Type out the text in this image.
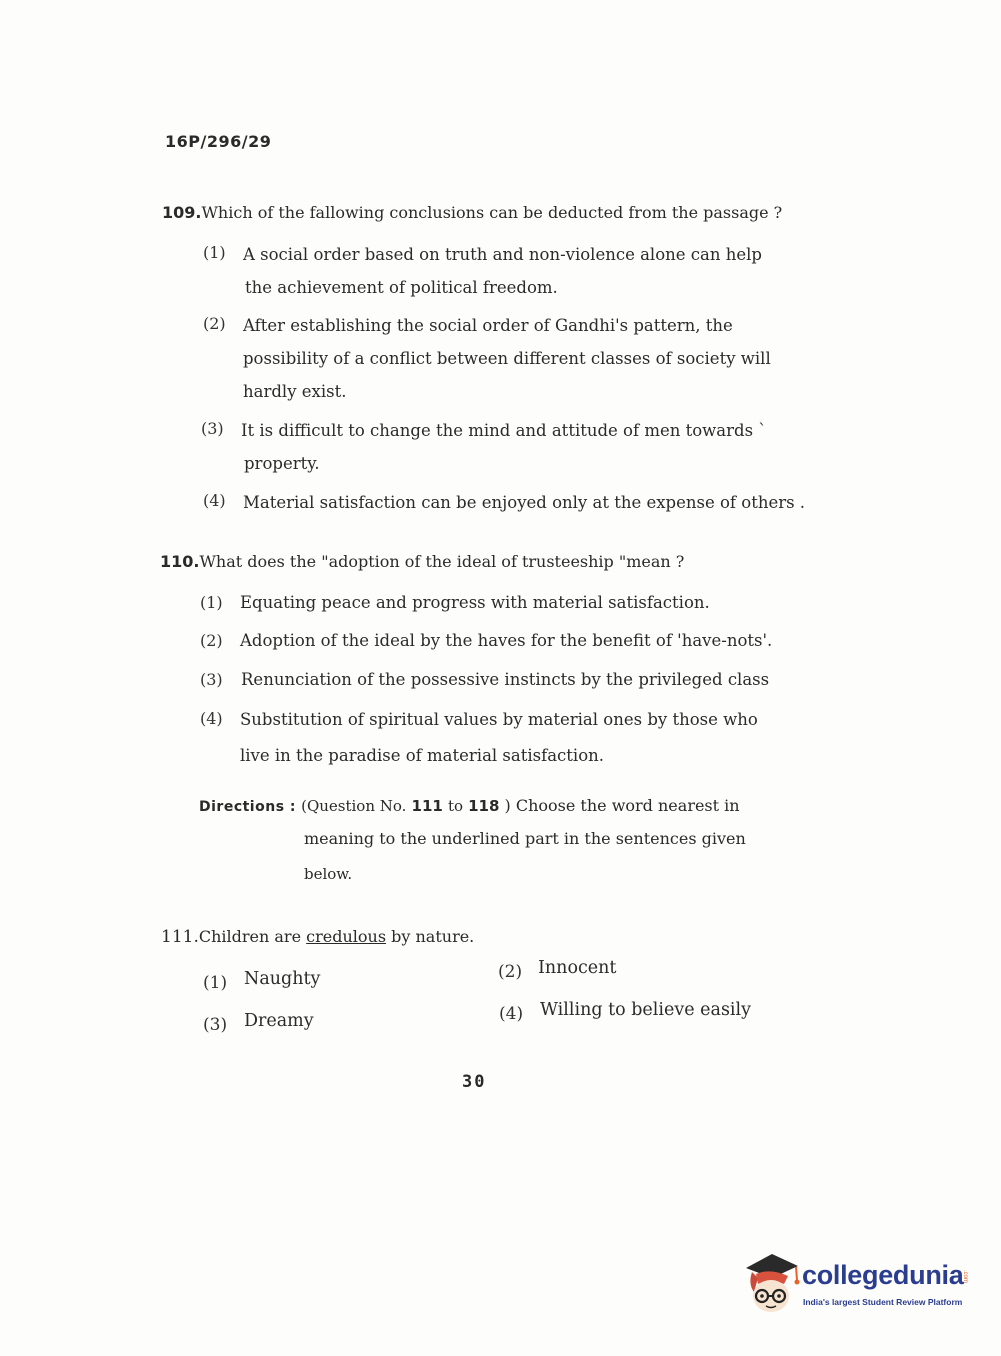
16P/296/29
109.Which of the fallowing conclusions can be deducted from the passage ?
(1) A social order based on truth and non-violence alone can help
the achievement of political freedom.
(2) After establishing the social order of Gandhi's pattern, the
possibility of a conflict between different classes of society will
hardly exist.
(3) It is difficult to change the mind and attitude of men towards `
property.
(4) Material satisfaction can be enjoyed only at the expense of others .
110.What does the "adoption of the ideal of trusteeship "mean ?
(1) Equating peace and progress with material satisfaction.
(2) Adoption of the ideal by the haves for the benefit of 'have-nots'.
(3) Renunciation of the possessive instincts by the privileged class
(4) Substitution of spiritual values by material ones by those who
live in the paradise of material satisfaction.
Directions : (Question No. 111 to 118 ) Choose the word nearest in
meaning to the underlined part in the sentences given
below.
111.Children are credulous by nature.
(1) Naughty	(2) Innocent
(3) Dreamy	(4) Willing to believe easily
30
collegedunia
.com
India's largest Student Review Platform
